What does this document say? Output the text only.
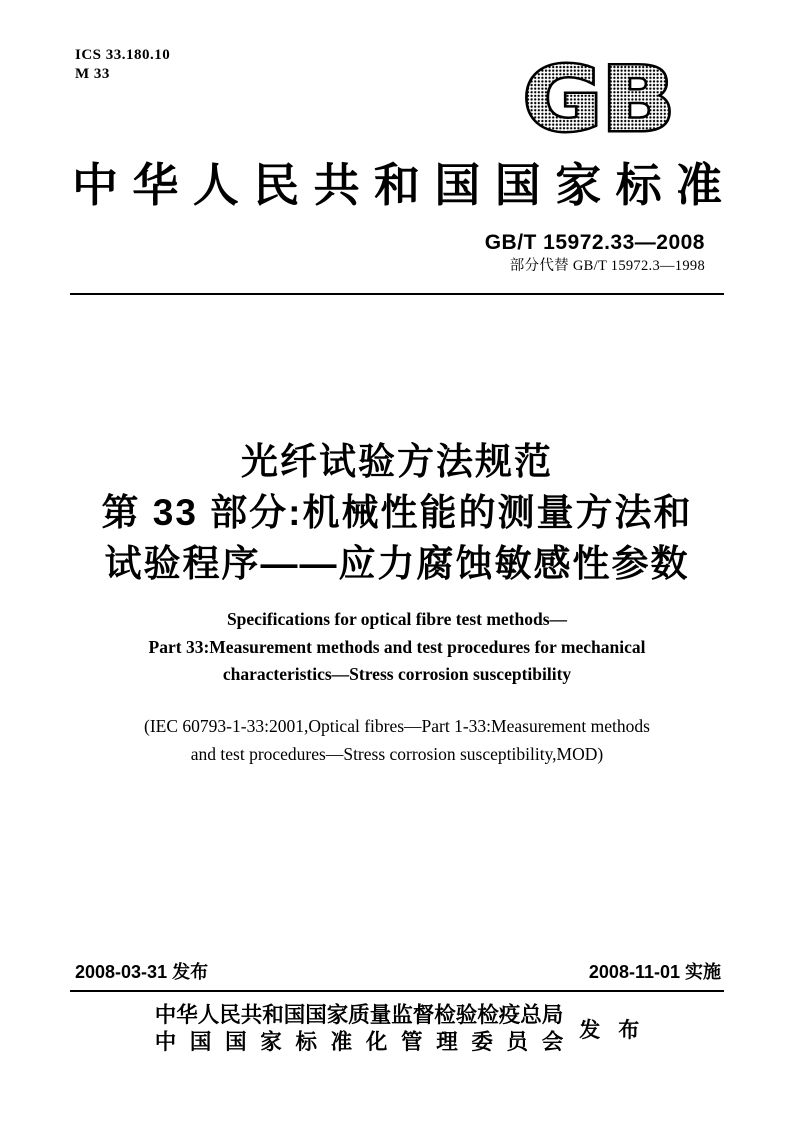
ICS 33.180.10
M 33	GB
中华人民共和国国家标准
GB/T 15972.33—2008
部分代替 GB/T 15972.3—1998
光纤试验方法规范
第 33 部分:机械性能的测量方法和
试验程序——应力腐蚀敏感性参数
Specifications for optical fibre test methods—
Part 33:Measurement methods and test procedures for mechanical
characteristics—Stress corrosion susceptibility
(IEC 60793-1-33:2001,Optical fibres—Part 1-33:Measurement methods
and test procedures—Stress corrosion susceptibility,MOD)
2008-03-31 发布	2008-11-01 实施
中华人民共和国国家质量监督检验检疫总局
中国国家标准化管理委员会 发布
